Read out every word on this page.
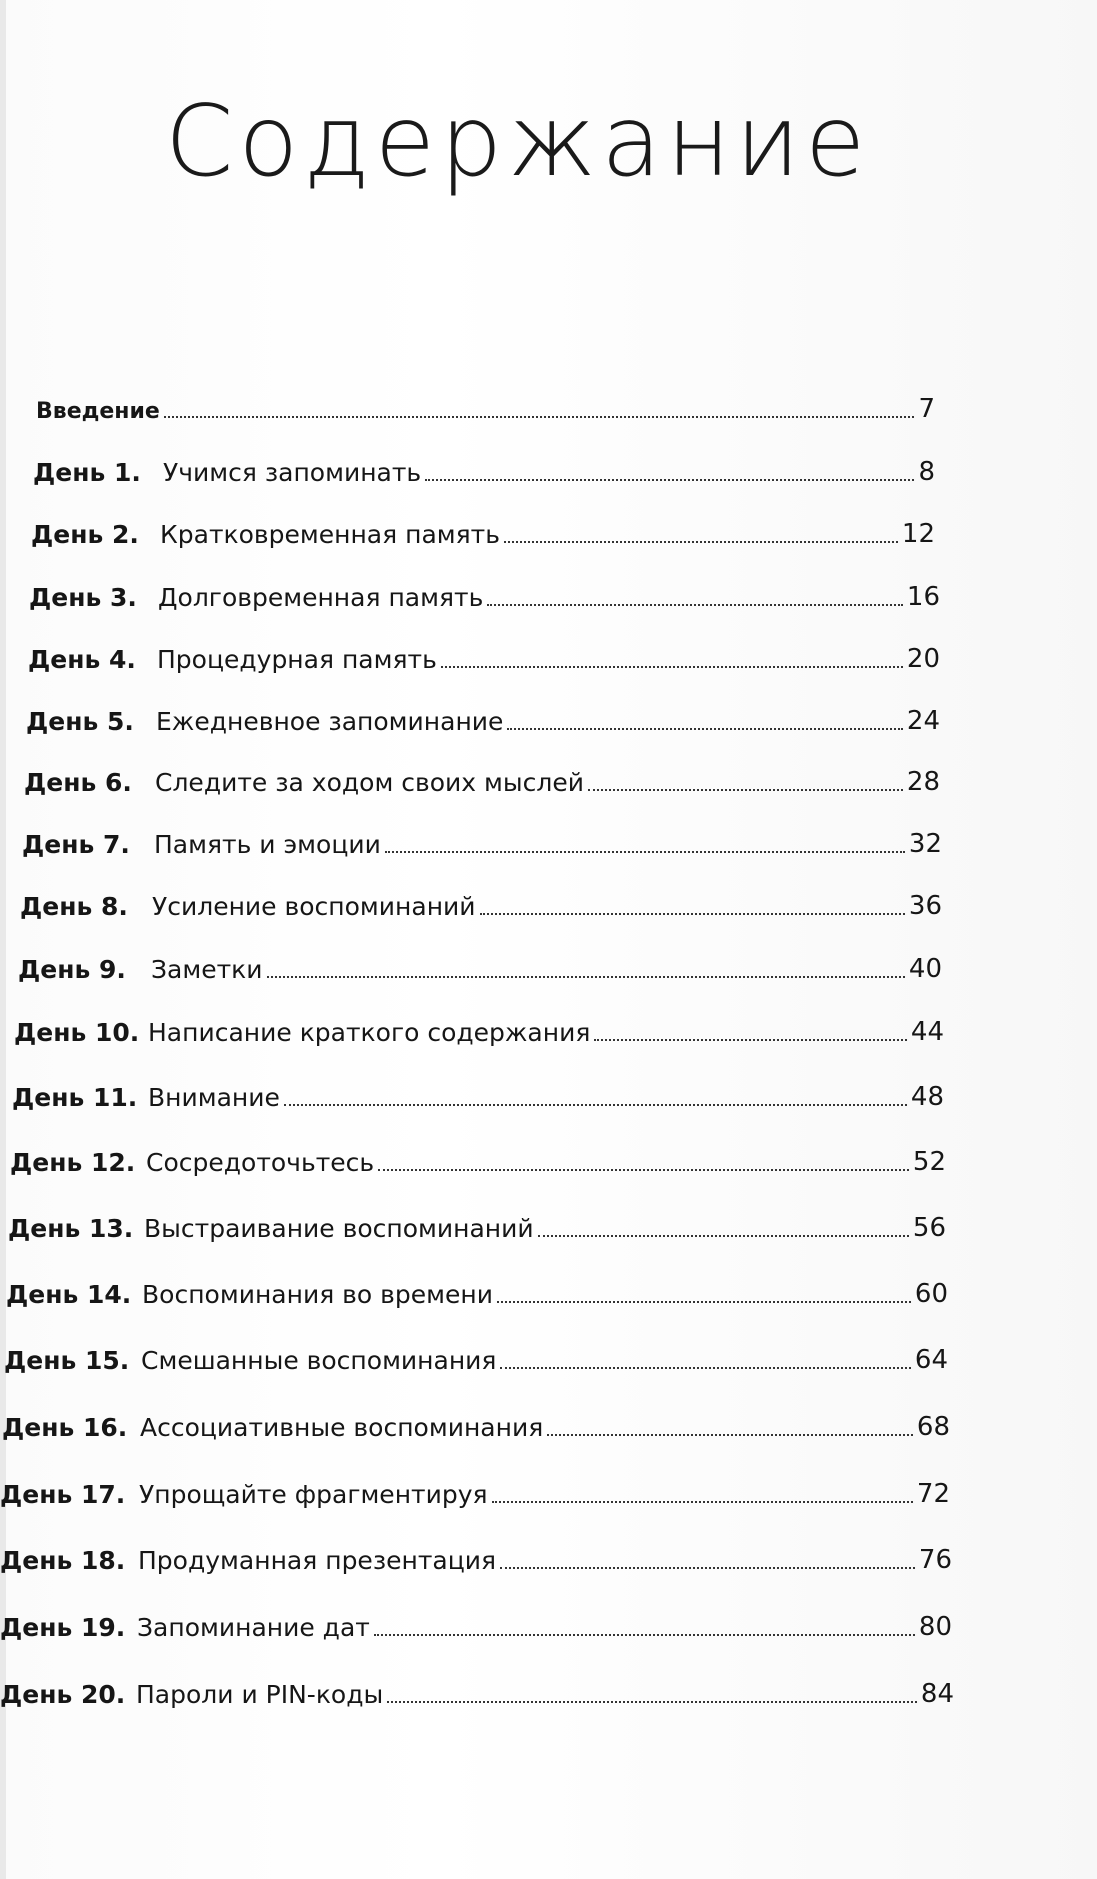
Содержание
Введение	7
День 1. Учимся запоминать	8
День 2. Кратковременная память	12
День 3. Долговременная память	16
День 4. Процедурная память	20
День 5. Ежедневное запоминание	24
День 6. Следите за ходом своих мыслей	28
День 7. Память и эмоции	32
День 8. Усиление воспоминаний	36
День 9.	Заметки	40
День 10. Написание краткого содержания	44
День 11. Внимание	48
День 12. Сосредоточьтесь	52
День 13. Выстраивание воспоминаний	56
День 14. Воспоминания во времени	60
День 15. Смешанные воспоминания	64
День 16. Ассоциативные воспоминания	68
День 17. Упрощайте фрагментируя	72
День 18. Продуманная презентация	76
День 19. Запоминание дат	80
День 20. Пароли и PIN-коды	84
